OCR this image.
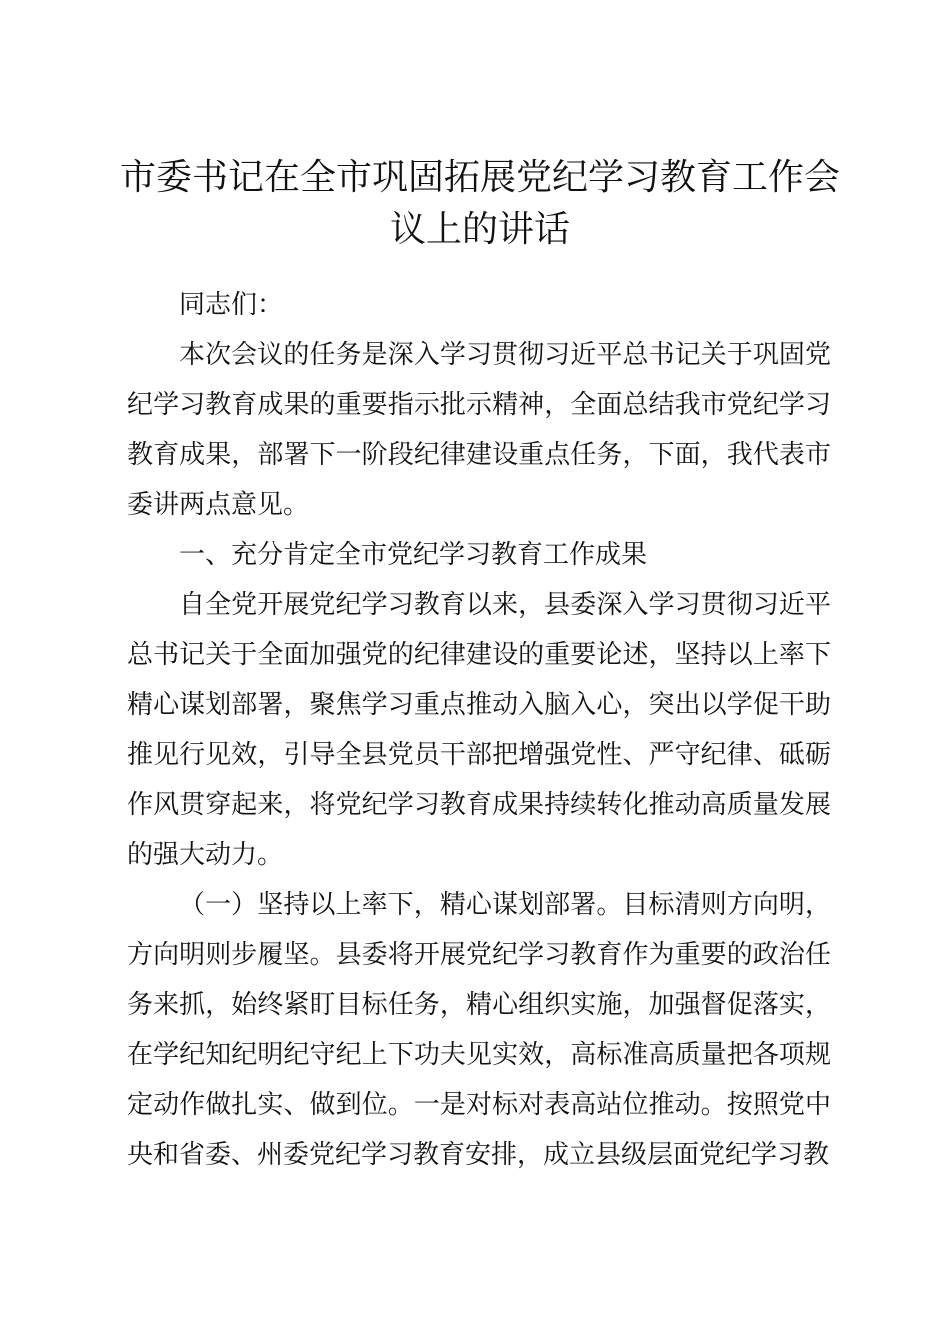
市委书记在全市巩固拓展党纪学习教育工作会议上的讲话

同志们：

本次会议的任务是深入学习贯彻习近平总书记关于巩固党纪学习教育成果的重要指示批示精神，全面总结我市党纪学习教育成果，部署下一阶段纪律建设重点任务，下面，我代表市委讲两点意见。

一、充分肯定全市党纪学习教育工作成果

自全党开展党纪学习教育以来，县委深入学习贯彻习近平总书记关于全面加强党的纪律建设的重要论述，坚持以上率下精心谋划部署，聚焦学习重点推动入脑入心，突出以学促干助推见行见效，引导全县党员干部把增强党性、严守纪律、砥砺作风贯穿起来，将党纪学习教育成果持续转化推动高质量发展的强大动力。

（一）坚持以上率下，精心谋划部署。目标清则方向明，方向明则步履坚。县委将开展党纪学习教育作为重要的政治任务来抓，始终紧盯目标任务，精心组织实施，加强督促落实，在学纪知纪明纪守纪上下功夫见实效，高标准高质量把各项规定动作做扎实、做到位。一是对标对表高站位推动。按照党中央和省委、州委党纪学习教育安排，成立县级层面党纪学习教
